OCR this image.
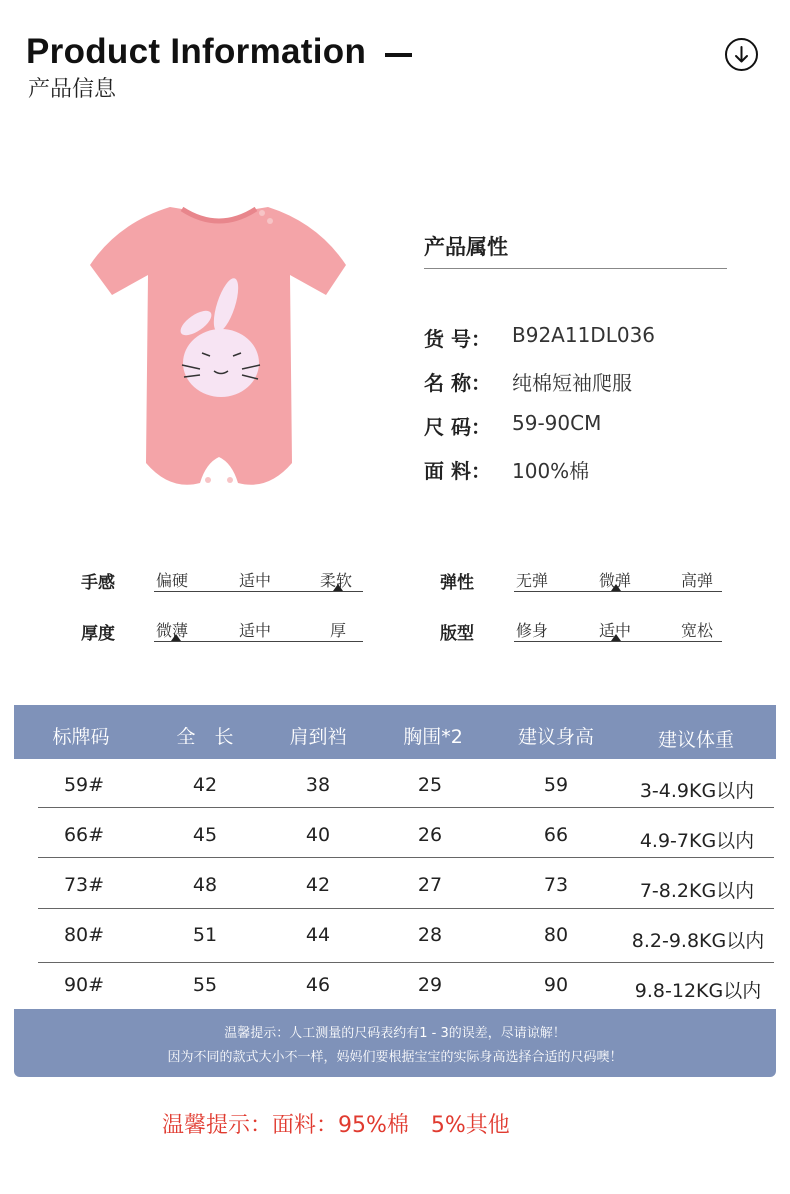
Product Information
产品信息
产品属性
货 号：	B92A11DL036
名 称：	纯棉短袖爬服
尺 码：	59-90CM
面 料：	100%棉
手感	偏硬	适中	柔软	弹性	无弹	微弹	高弹
厚度	微薄	适中	厚	版型	修身	适中	宽松
标牌码	全　长	肩到裆	胸围*2	建议身高	建议体重
59#	42	38	25	59	3-4.9KG以内
66#	45	40	26	66	4.9-7KG以内
73#	48	42	27	73	7-8.2KG以内
80#	51	44	28	80	8.2-9.8KG以内
90#	55	46	29	90	9.8-12KG以内
温馨提示：人工测量的尺码表约有1 - 3的误差，尽请谅解！
因为不同的款式大小不一样，妈妈们要根据宝宝的实际身高选择合适的尺码噢！
温馨提示：面料：95%棉　5%其他
